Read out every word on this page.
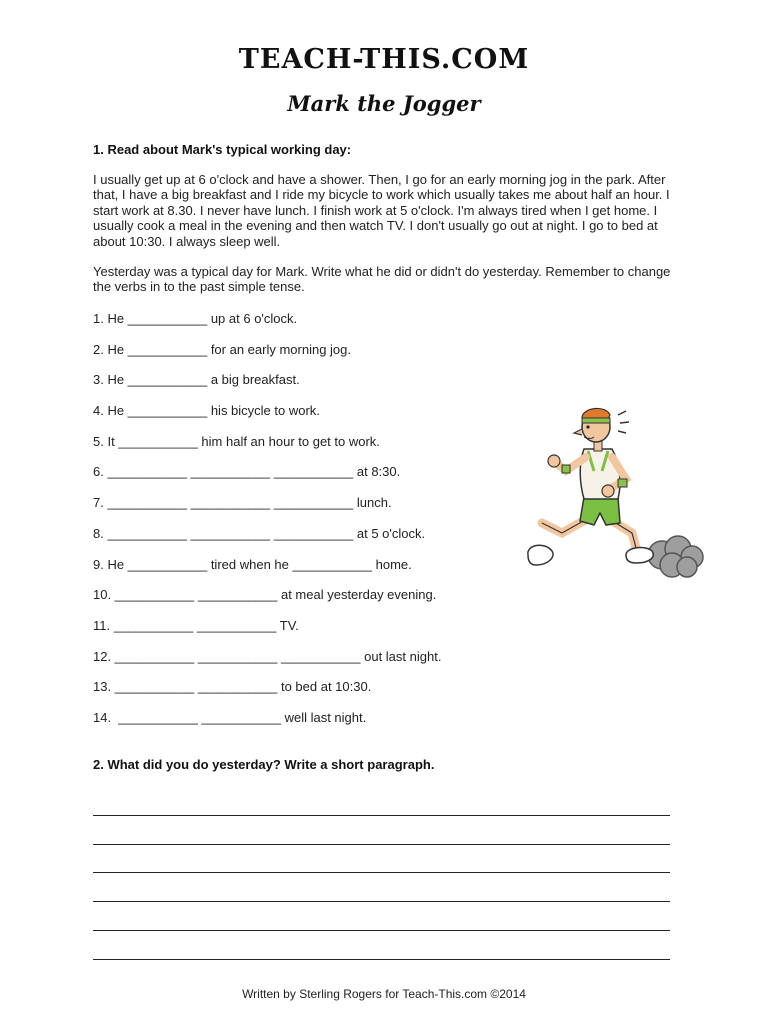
TEACH-THIS.COM
Mark the Jogger
1. Read about Mark's typical working day:

I usually get up at 6 o'clock and have a shower. Then, I go for an early morning jog in the park. After that, I have a big breakfast and I ride my bicycle to work which usually takes me about half an hour. I start work at 8.30. I never have lunch. I finish work at 5 o'clock. I'm always tired when I get home. I usually cook a meal in the evening and then watch TV. I don't usually go out at night. I go to bed at about 10:30. I always sleep well.

Yesterday was a typical day for Mark. Write what he did or didn't do yesterday. Remember to change the verbs in to the past simple tense.

1. He ___________ up at 6 o'clock.
2. He ___________ for an early morning jog.
3. He ___________ a big breakfast.
4. He ___________ his bicycle to work.
5. It ___________ him half an hour to get to work.
6. ___________ ___________ ___________ at 8:30.
7. ___________ ___________ ___________ lunch.
8. ___________ ___________ ___________ at 5 o'clock.
9. He ___________ tired when he ___________ home.
10. ___________ ___________ at meal yesterday evening.
11. ___________ ___________ TV.
12. ___________ ___________ ___________ out last night.
13. ___________ ___________ to bed at 10:30.
14.  ___________ ___________ well last night.
2. What did you do yesterday? Write a short paragraph.
Written by Sterling Rogers for Teach-This.com ©2014
